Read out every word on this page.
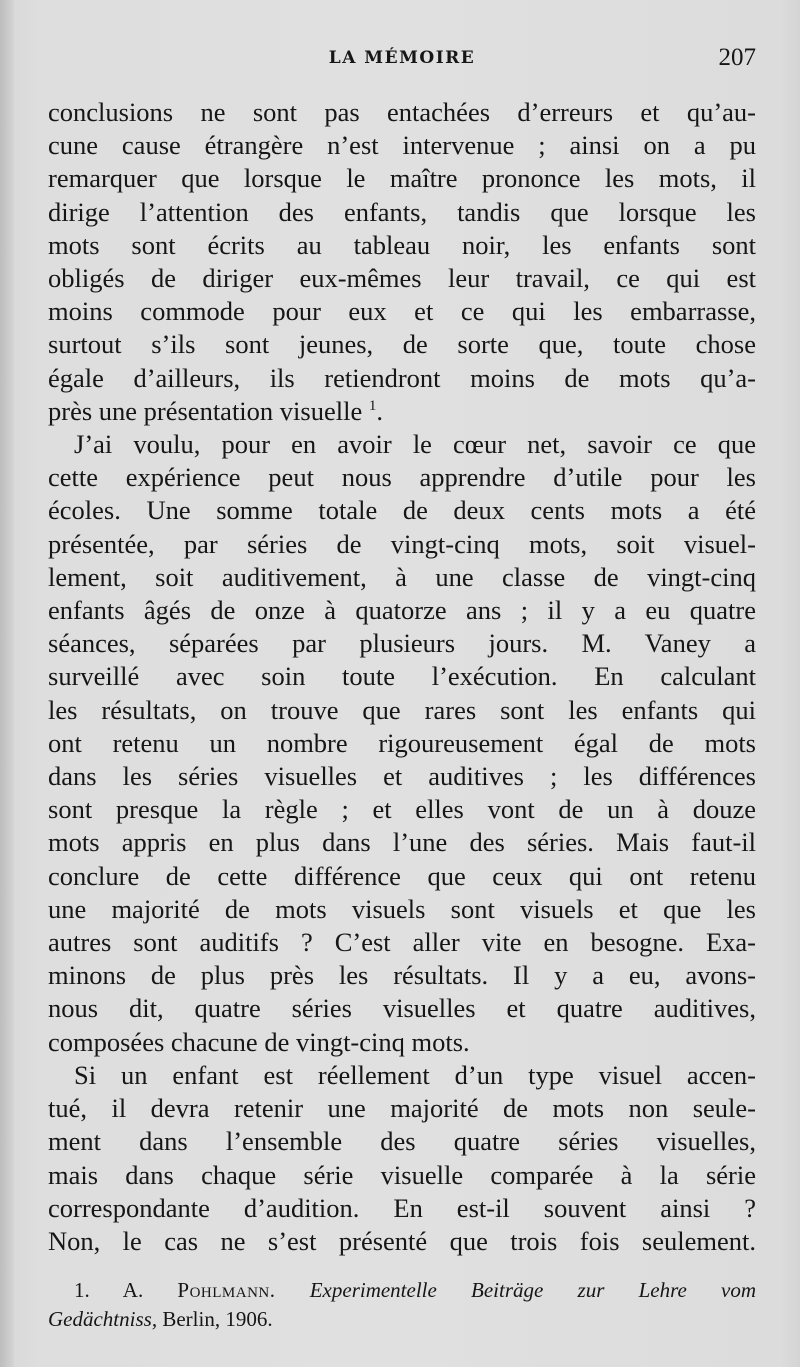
LA MÉMOIRE	207
conclusions ne sont pas entachées d’erreurs et qu’au-
cune cause étrangère n’est intervenue ; ainsi on a pu
remarquer que lorsque le maître prononce les mots, il
dirige l’attention des enfants, tandis que lorsque les
mots sont écrits au tableau noir, les enfants sont
obligés de diriger eux-mêmes leur travail, ce qui est
moins commode pour eux et ce qui les embarrasse,
surtout s’ils sont jeunes, de sorte que, toute chose
égale d’ailleurs, ils retiendront moins de mots qu’a-
près une présentation visuelle $^1$.
J’ai voulu, pour en avoir le cœur net, savoir ce que
cette expérience peut nous apprendre d’utile pour les
écoles. Une somme totale de deux cents mots a été
présentée, par séries de vingt-cinq mots, soit visuel-
lement, soit auditivement, à une classe de vingt-cinq
enfants âgés de onze à quatorze ans ; il y a eu quatre
séances, séparées par plusieurs jours. M. Vaney a
surveillé avec soin toute l’exécution. En calculant
les résultats, on trouve que rares sont les enfants qui
ont retenu un nombre rigoureusement égal de mots
dans les séries visuelles et auditives ; les différences
sont presque la règle ; et elles vont de un à douze
mots appris en plus dans l’une des séries. Mais faut-il
conclure de cette différence que ceux qui ont retenu
une majorité de mots visuels sont visuels et que les
autres sont auditifs ? C’est aller vite en besogne. Exa-
minons de plus près les résultats. Il y a eu, avons-
nous dit, quatre séries visuelles et quatre auditives,
composées chacune de vingt-cinq mots.
Si un enfant est réellement d’un type visuel accen-
tué, il devra retenir une majorité de mots non seule-
ment dans l’ensemble des quatre séries visuelles,
mais dans chaque série visuelle comparée à la série
correspondante d’audition. En est-il souvent ainsi ?
Non, le cas ne s’est présenté que trois fois seulement.
1. A. Pohlmann. Experimentelle Beiträge zur Lehre vom
Gedächtniss, Berlin, 1906.
